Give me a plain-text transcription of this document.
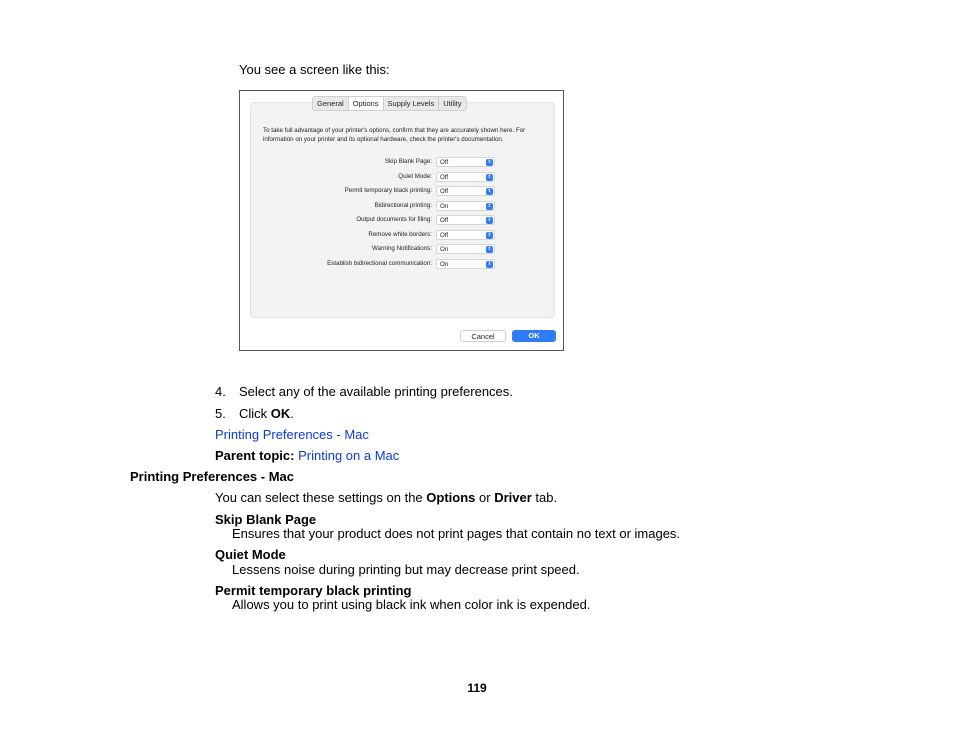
You see a screen like this:
General	Options	Supply Levels	Utility
To take full advantage of your printer's options, confirm that they are accurately shown here. For information on your printer and its optional hardware, check the printer's documentation.
Skip Blank Page: Off	⇕
Quiet Mode: Off	⇕
Permit temporary black printing: Off	⇕
Bidirectional printing: On	⇕
Output documents for filing: Off	⇕
Remove white borders: Off	⇕
Warning Notifications: On	⇕
Establish bidirectional communication: On	⇕
Cancel	OK
4. Select any of the available printing preferences.
5. Click OK.
Printing Preferences - Mac
Parent topic: Printing on a Mac
Printing Preferences - Mac
You can select these settings on the Options or Driver tab.
Skip Blank Page
Ensures that your product does not print pages that contain no text or images.
Quiet Mode
Lessens noise during printing but may decrease print speed.
Permit temporary black printing
Allows you to print using black ink when color ink is expended.
119
